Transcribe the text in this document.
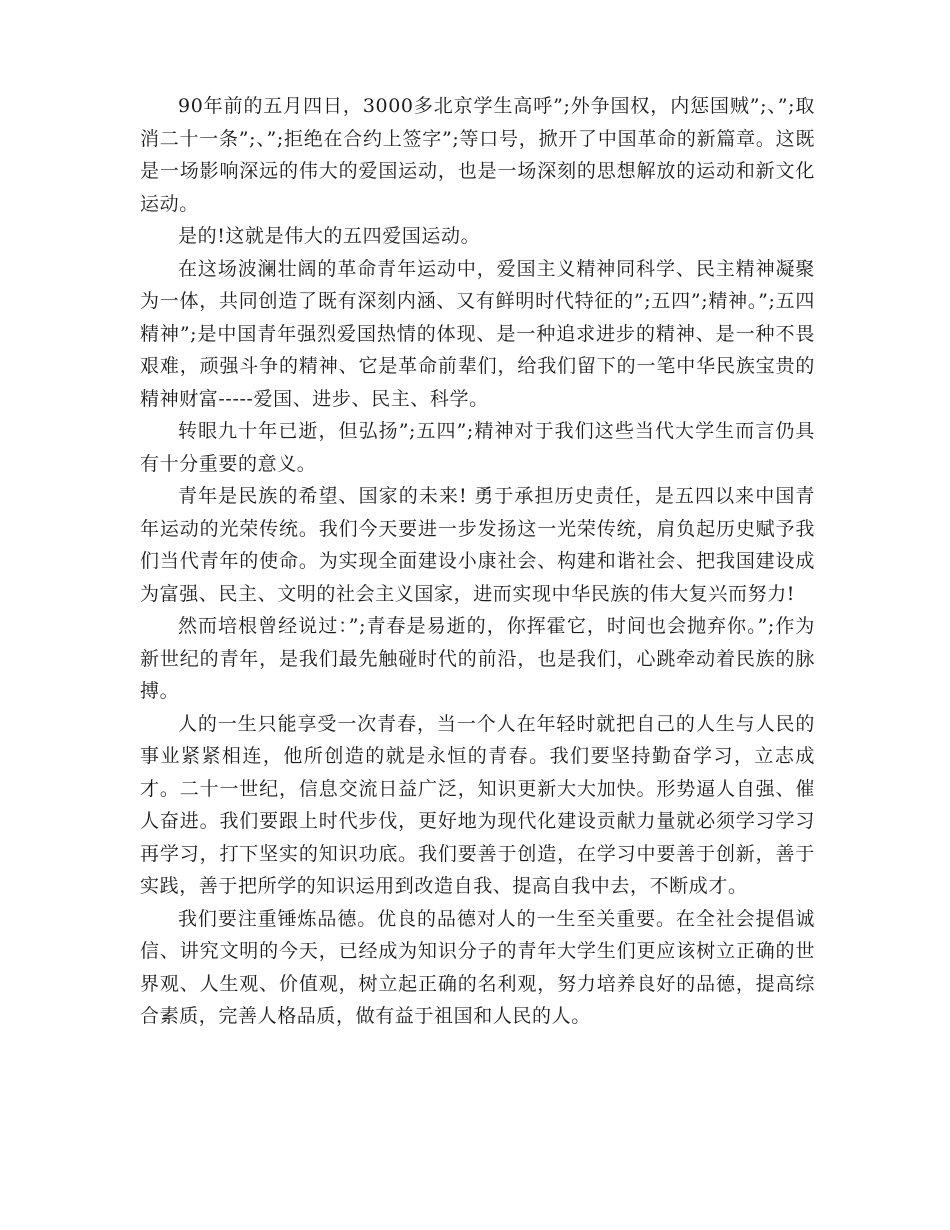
90年前的五月四日，3000多北京学生高呼”;外争国权，内惩国贼”;、”;取消二十一条”;、”;拒绝在合约上签字”;等口号，掀开了中国革命的新篇章。这既是一场影响深远的伟大的爱国运动，也是一场深刻的思想解放的运动和新文化运动。

是的!这就是伟大的五四爱国运动。

在这场波澜壮阔的革命青年运动中，爱国主义精神同科学、民主精神凝聚为一体，共同创造了既有深刻内涵、又有鲜明时代特征的”;五四”;精神。”;五四精神”;是中国青年强烈爱国热情的体现、是一种追求进步的精神、是一种不畏艰难，顽强斗争的精神、它是革命前辈们，给我们留下的一笔中华民族宝贵的精神财富-----爱国、进步、民主、科学。

转眼九十年已逝，但弘扬”;五四”;精神对于我们这些当代大学生而言仍具有十分重要的意义。

青年是民族的希望、国家的未来! 勇于承担历史责任，是五四以来中国青年运动的光荣传统。我们今天要进一步发扬这一光荣传统，肩负起历史赋予我们当代青年的使命。为实现全面建设小康社会、构建和谐社会、把我国建设成为富强、民主、文明的社会主义国家，进而实现中华民族的伟大复兴而努力!

然而培根曾经说过：”;青春是易逝的，你挥霍它，时间也会抛弃你。”;作为新世纪的青年，是我们最先触碰时代的前沿，也是我们，心跳牵动着民族的脉搏。

人的一生只能享受一次青春，当一个人在年轻时就把自己的人生与人民的事业紧紧相连，他所创造的就是永恒的青春。我们要坚持勤奋学习，立志成才。二十一世纪，信息交流日益广泛，知识更新大大加快。形势逼人自强、催人奋进。我们要跟上时代步伐，更好地为现代化建设贡献力量就必须学习学习再学习，打下坚实的知识功底。我们要善于创造，在学习中要善于创新，善于实践，善于把所学的知识运用到改造自我、提高自我中去，不断成才。

我们要注重锤炼品德。优良的品德对人的一生至关重要。在全社会提倡诚信、讲究文明的今天，已经成为知识分子的青年大学生们更应该树立正确的世界观、人生观、价值观，树立起正确的名利观，努力培养良好的品德，提高综合素质，完善人格品质，做有益于祖国和人民的人。
